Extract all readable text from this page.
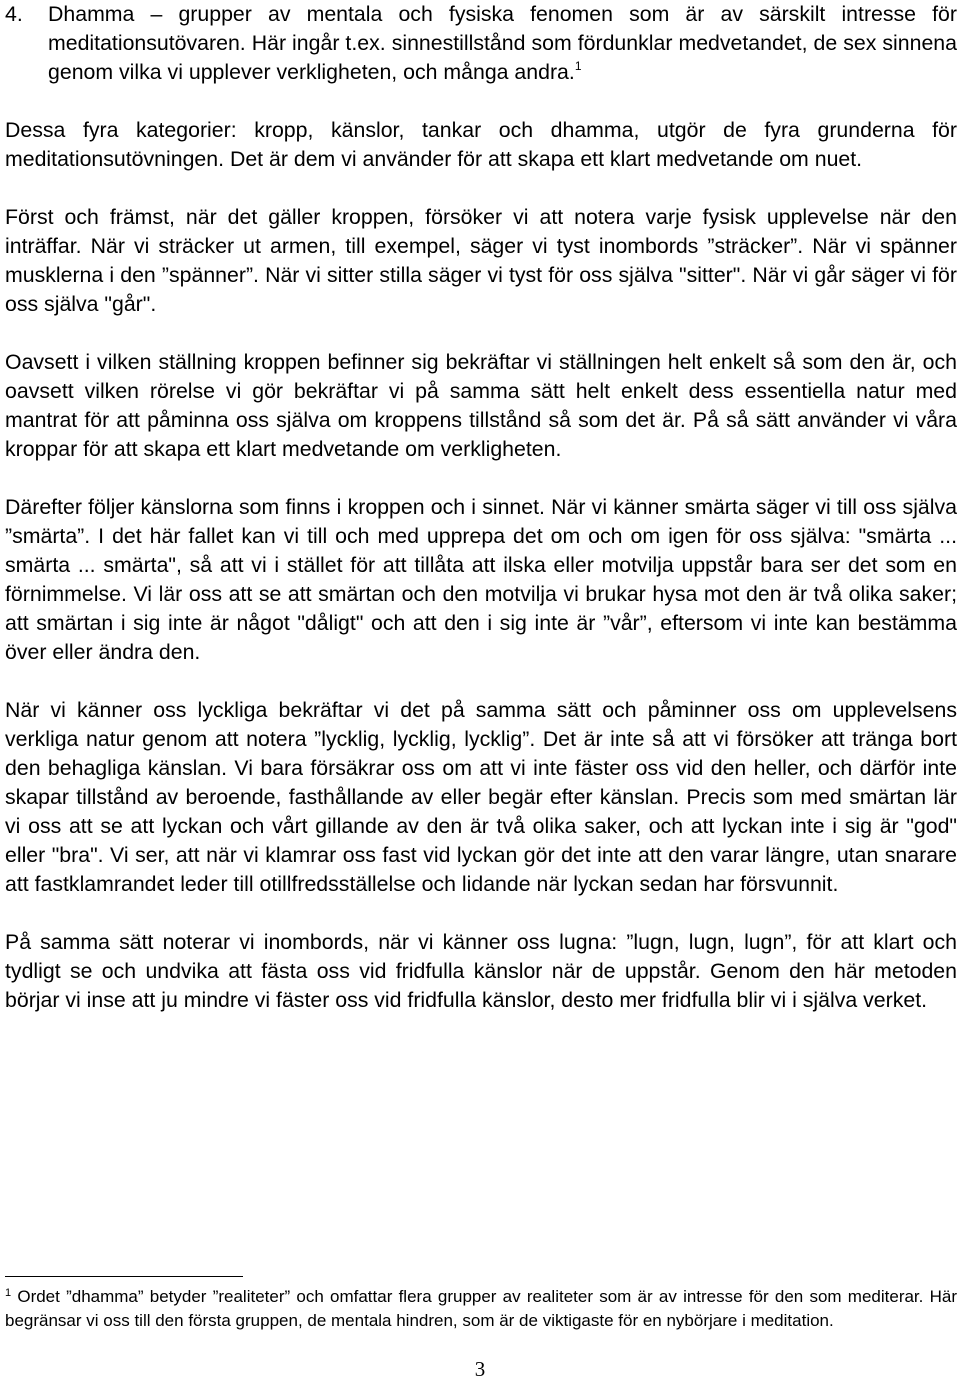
4.	Dhamma – grupper av mentala och fysiska fenomen som är av särskilt intresse för meditationsutövaren. Här ingår t.ex. sinnestillstånd som fördunklar medvetandet, de sex sinnena genom vilka vi upplever verkligheten, och många andra.$^1$

Dessa fyra kategorier: kropp, känslor, tankar och dhamma, utgör de fyra grunderna för meditationsutövningen. Det är dem vi använder för att skapa ett klart medvetande om nuet.

Först och främst, när det gäller kroppen, försöker vi att notera varje fysisk upplevelse när den inträffar. När vi sträcker ut armen, till exempel, säger vi tyst inombords ”sträcker”. När vi spänner musklerna i den ”spänner”. När vi sitter stilla säger vi tyst för oss själva "sitter". När vi går säger vi för oss själva "går".

Oavsett i vilken ställning kroppen befinner sig bekräftar vi ställningen helt enkelt så som den är, och oavsett vilken rörelse vi gör bekräftar vi på samma sätt helt enkelt dess essentiella natur med mantrat för att påminna oss själva om kroppens tillstånd så som det är. På så sätt använder vi våra kroppar för att skapa ett klart medvetande om verkligheten.

Därefter följer känslorna som finns i kroppen och i sinnet. När vi känner smärta säger vi till oss själva ”smärta”. I det här fallet kan vi till och med upprepa det om och om igen för oss själva: "smärta ... smärta ... smärta", så att vi i stället för att tillåta att ilska eller motvilja uppstår bara ser det som en förnimmelse. Vi lär oss att se att smärtan och den motvilja vi brukar hysa mot den är två olika saker; att smärtan i sig inte är något "dåligt" och att den i sig inte är ”vår”, eftersom vi inte kan bestämma över eller ändra den.

När vi känner oss lyckliga bekräftar vi det på samma sätt och påminner oss om upplevelsens verkliga natur genom att notera ”lycklig, lycklig, lycklig”. Det är inte så att vi försöker att tränga bort den behagliga känslan. Vi bara försäkrar oss om att vi inte fäster oss vid den heller, och därför inte skapar tillstånd av beroende, fasthållande av eller begär efter känslan. Precis som med smärtan lär vi oss att se att lyckan och vårt gillande av den är två olika saker, och att lyckan inte i sig är "god" eller "bra". Vi ser, att när vi klamrar oss fast vid lyckan gör det inte att den varar längre, utan snarare att fastklamrandet leder till otillfredsställelse och lidande när lyckan sedan har försvunnit.

På samma sätt noterar vi inombords, när vi känner oss lugna: ”lugn, lugn, lugn”, för att klart och tydligt se och undvika att fästa oss vid fridfulla känslor när de uppstår. Genom den här metoden börjar vi inse att ju mindre vi fäster oss vid fridfulla känslor, desto mer fridfulla blir vi i själva verket.

$^1$ Ordet ”dhamma” betyder ”realiteter” och omfattar flera grupper av realiteter som är av intresse för den som mediterar. Här begränsar vi oss till den första gruppen, de mentala hindren, som är de viktigaste för en nybörjare i meditation.
3
